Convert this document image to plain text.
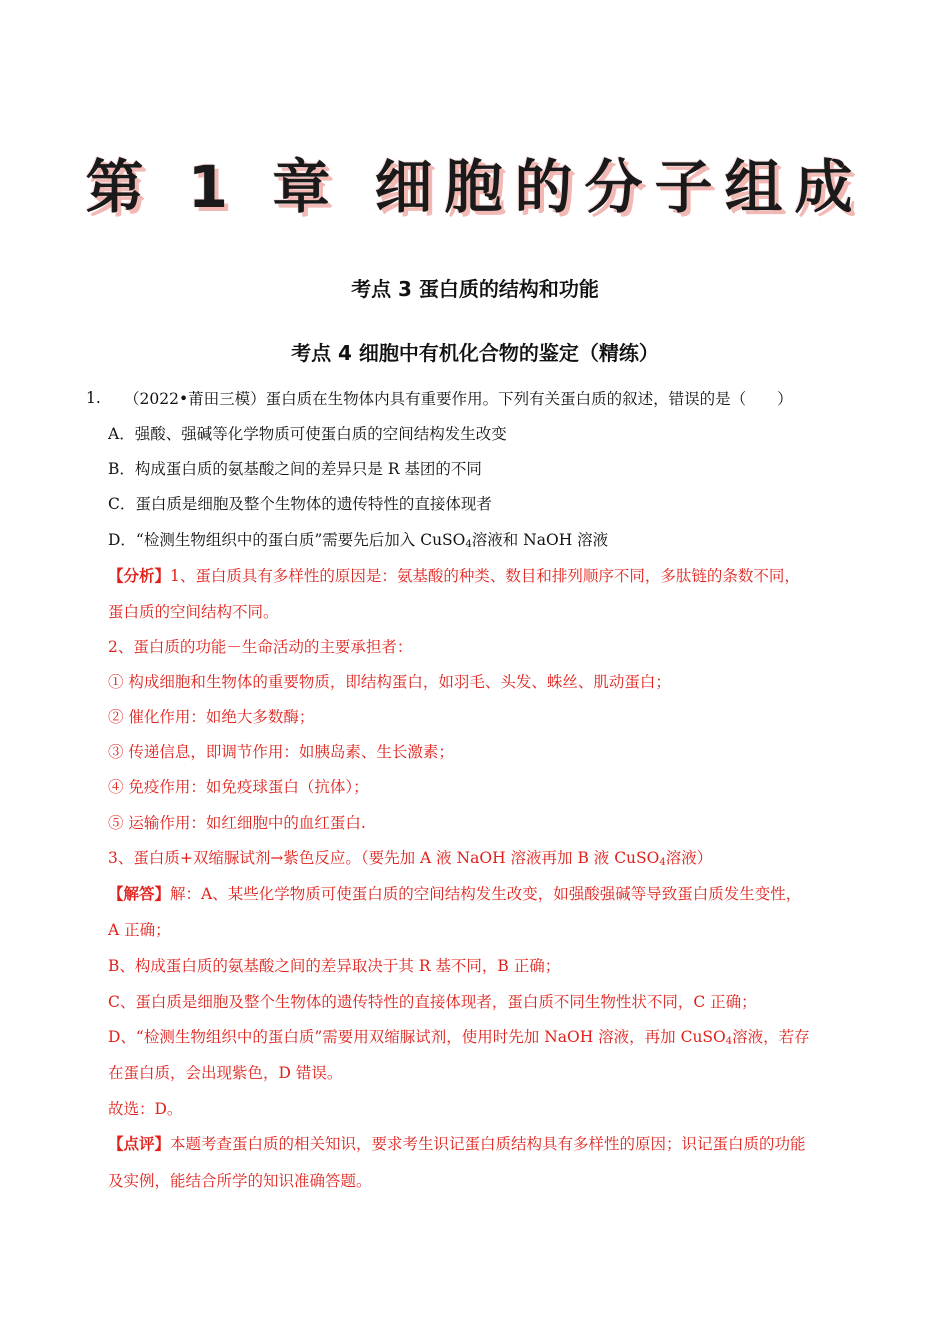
第 1 章 细胞的分子组成
考点 3 蛋白质的结构和功能
考点 4 细胞中有机化合物的鉴定（精练）
1. （2022•莆田三模）蛋白质在生物体内具有重要作用。下列有关蛋白质的叙述，错误的是（　　）
A．强酸、强碱等化学物质可使蛋白质的空间结构发生改变
B．构成蛋白质的氨基酸之间的差异只是 R 基团的不同
C．蛋白质是细胞及整个生物体的遗传特性的直接体现者
D．“检测生物组织中的蛋白质”需要先后加入 CuSO$_4$溶液和 NaOH 溶液
【分析】1、蛋白质具有多样性的原因是：氨基酸的种类、数目和排列顺序不同，多肽链的条数不同，
蛋白质的空间结构不同。
2、蛋白质的功能－生命活动的主要承担者：
① 构成细胞和生物体的重要物质，即结构蛋白，如羽毛、头发、蛛丝、肌动蛋白；
② 催化作用：如绝大多数酶；
③ 传递信息，即调节作用：如胰岛素、生长激素；
④ 免疫作用：如免疫球蛋白（抗体）；
⑤ 运输作用：如红细胞中的血红蛋白.
3、蛋白质+双缩脲试剂→紫色反应。（要先加 A 液 NaOH 溶液再加 B 液 CuSO$_4$溶液）
【解答】解：A、某些化学物质可使蛋白质的空间结构发生改变，如强酸强碱等导致蛋白质发生变性，
A 正确；
B、构成蛋白质的氨基酸之间的差异取决于其 R 基不同，B 正确；
C、蛋白质是细胞及整个生物体的遗传特性的直接体现者，蛋白质不同生物性状不同，C 正确；
D、“检测生物组织中的蛋白质”需要用双缩脲试剂，使用时先加 NaOH 溶液，再加 CuSO$_4$溶液，若存
在蛋白质，会出现紫色，D 错误。
故选：D。
【点评】本题考查蛋白质的相关知识，要求考生识记蛋白质结构具有多样性的原因；识记蛋白质的功能
及实例，能结合所学的知识准确答题。
